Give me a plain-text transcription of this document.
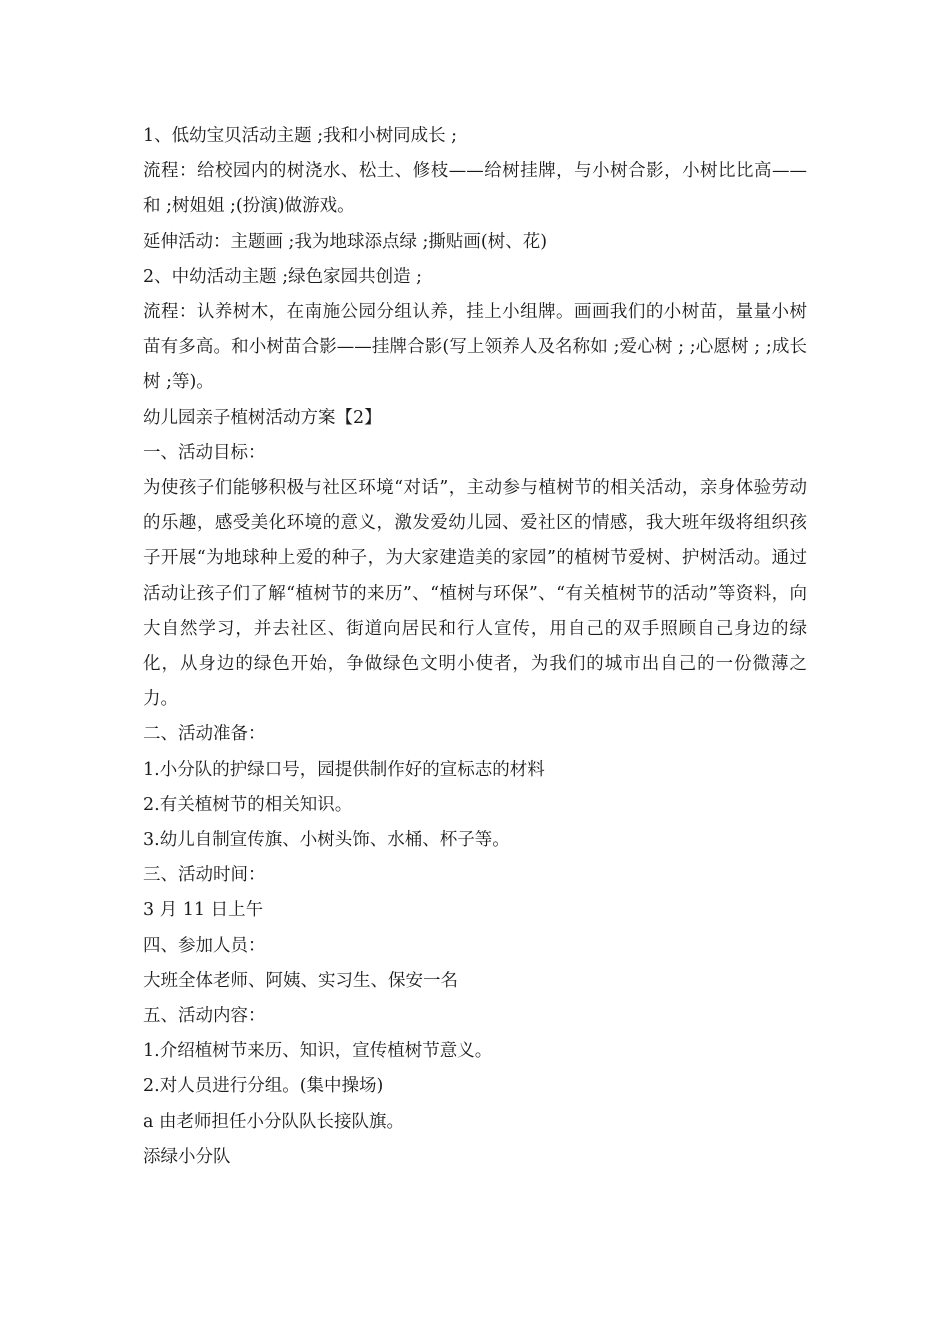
1、低幼宝贝活动主题 ;我和小树同成长 ;

流程：给校园内的树浇水、松土、修枝——给树挂牌，与小树合影，小树比比高——和 ;树姐姐 ;(扮演)做游戏。

延伸活动：主题画 ;我为地球添点绿 ;撕贴画(树、花)

2、中幼活动主题 ;绿色家园共创造 ;

流程：认养树木，在南施公园分组认养，挂上小组牌。画画我们的小树苗，量量小树苗有多高。和小树苗合影——挂牌合影(写上领养人及名称如 ;爱心树 ; ;心愿树 ; ;成长树 ;等)。

幼儿园亲子植树活动方案【2】

一、活动目标：

为使孩子们能够积极与社区环境“对话”，主动参与植树节的相关活动，亲身体验劳动的乐趣，感受美化环境的意义，激发爱幼儿园、爱社区的情感，我大班年级将组织孩子开展“为地球种上爱的种子，为大家建造美的家园”的植树节爱树、护树活动。通过活动让孩子们了解“植树节的来历”、“植树与环保”、“有关植树节的活动”等资料，向大自然学习，并去社区、街道向居民和行人宣传，用自己的双手照顾自己身边的绿化，从身边的绿色开始，争做绿色文明小使者，为我们的城市出自己的一份微薄之力。

二、活动准备：

1.小分队的护绿口号，园提供制作好的宣标志的材料

2.有关植树节的相关知识。

3.幼儿自制宣传旗、小树头饰、水桶、杯子等。

三、活动时间：

3 月 11 日上午

四、参加人员：

大班全体老师、阿姨、实习生、保安一名

五、活动内容：

1.介绍植树节来历、知识，宣传植树节意义。

2.对人员进行分组。(集中操场)

a 由老师担任小分队队长接队旗。

添绿小分队
